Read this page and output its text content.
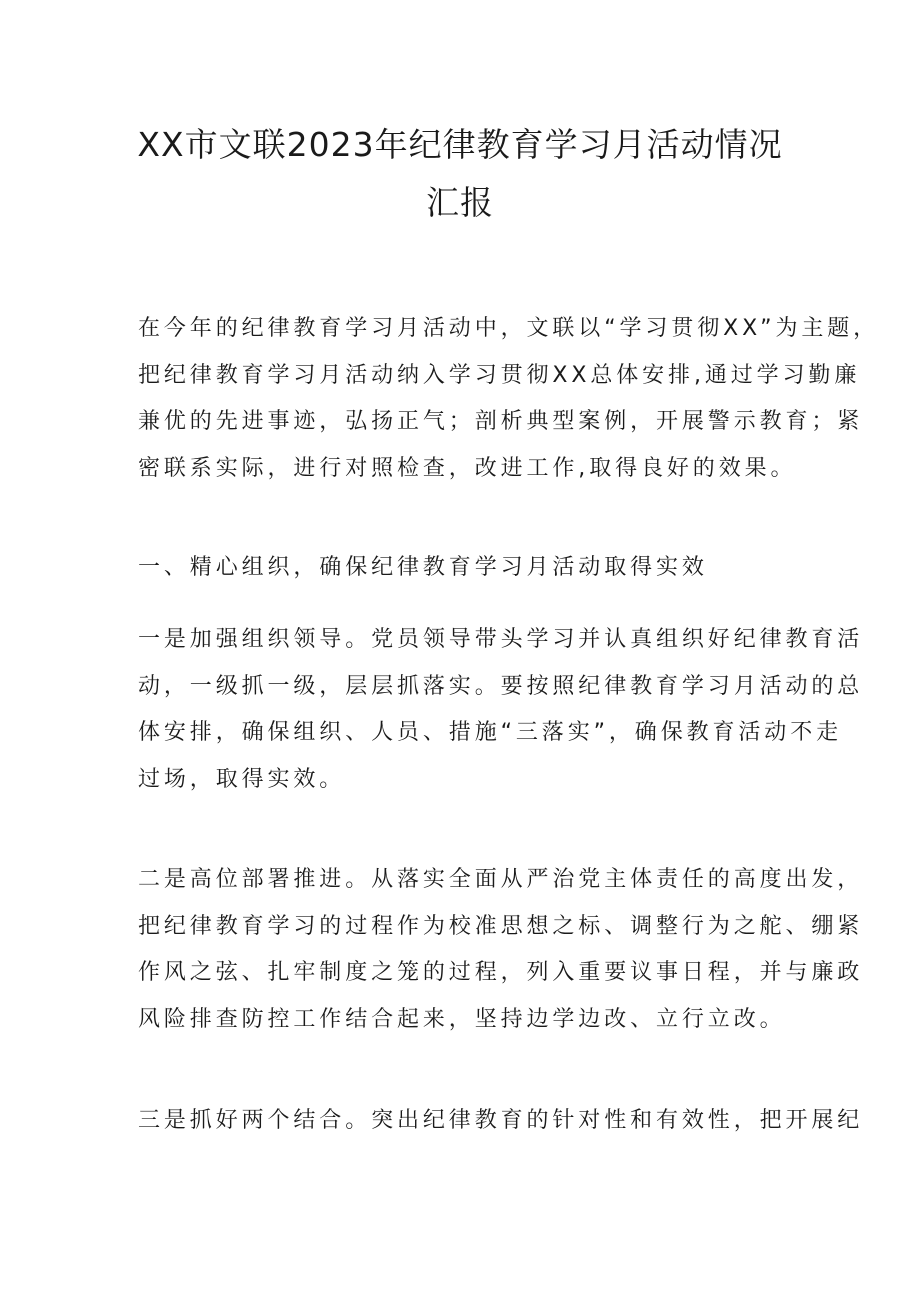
XX市文联2023年纪律教育学习月活动情况
汇报
在今年的纪律教育学习月活动中，文联以“学习贯彻XX”为主题，
把纪律教育学习月活动纳入学习贯彻XX总体安排,通过学习勤廉
兼优的先进事迹，弘扬正气；剖析典型案例，开展警示教育；紧
密联系实际，进行对照检查，改进工作,取得良好的效果。
一、精心组织，确保纪律教育学习月活动取得实效
一是加强组织领导。党员领导带头学习并认真组织好纪律教育活
动，一级抓一级，层层抓落实。要按照纪律教育学习月活动的总
体安排，确保组织、人员、措施“三落实”，确保教育活动不走
过场，取得实效。
二是高位部署推进。从落实全面从严治党主体责任的高度出发，
把纪律教育学习的过程作为校准思想之标、调整行为之舵、绷紧
作风之弦、扎牢制度之笼的过程，列入重要议事日程，并与廉政
风险排查防控工作结合起来，坚持边学边改、立行立改。
三是抓好两个结合。突出纪律教育的针对性和有效性，把开展纪
